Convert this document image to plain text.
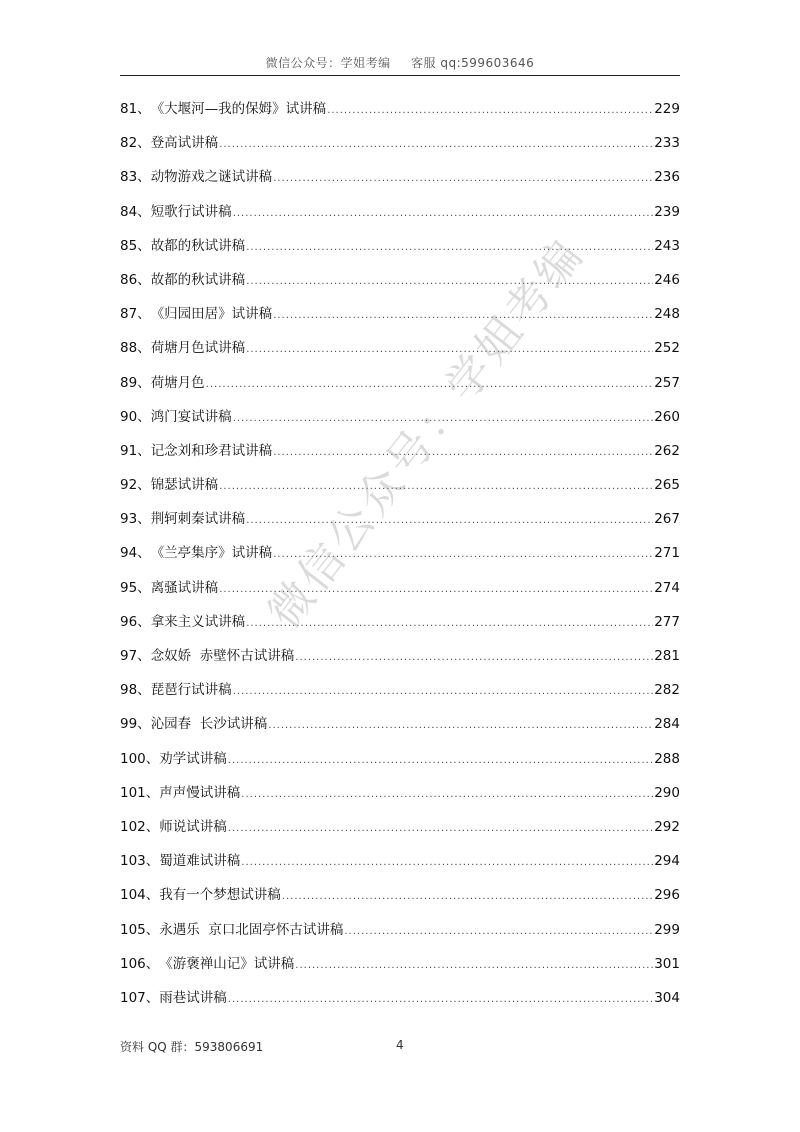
微信公众号：学姐考编 客服 qq:599603646
81、 《大堰河—我的保姆》试讲稿 .....	229
82、 登高试讲稿 .....	233
83、 动物游戏之谜试讲稿 .....	236
84、 短歌行试讲稿 .....	239
85、 故都的秋试讲稿 .....	243
86、 故都的秋试讲稿 .....	246
87、 《归园田居》试讲稿 .....	248
88、 荷塘月色试讲稿 .....	252
89、 荷塘月色 .....	257
90、 鸿门宴试讲稿 .....	260
91、 记念刘和珍君试讲稿 .....	262
92、 锦瑟试讲稿 .....	265
93、 荆轲刺秦试讲稿 .....	267
94、 《兰亭集序》试讲稿 .....	271
95、 离骚试讲稿 .....	274
96、 拿来主义试讲稿 .....	277
97、 念奴娇  赤壁怀古试讲稿 .....	281
98、 琵琶行试讲稿 .....	282
99、 沁园春  长沙试讲稿 .....	284
100、 劝学试讲稿 .....	288
101、 声声慢试讲稿 .....	290
102、 师说试讲稿 .....	292
103、 蜀道难试讲稿 .....	294
104、 我有一个梦想试讲稿 .....	296
105、 永遇乐  京口北固亭怀古试讲稿 .....	299
106、 《游褒禅山记》试讲稿 .....	301
107、 雨巷试讲稿 .....	304
资料 QQ 群：593806691	4
微信公众号：学姐考编
